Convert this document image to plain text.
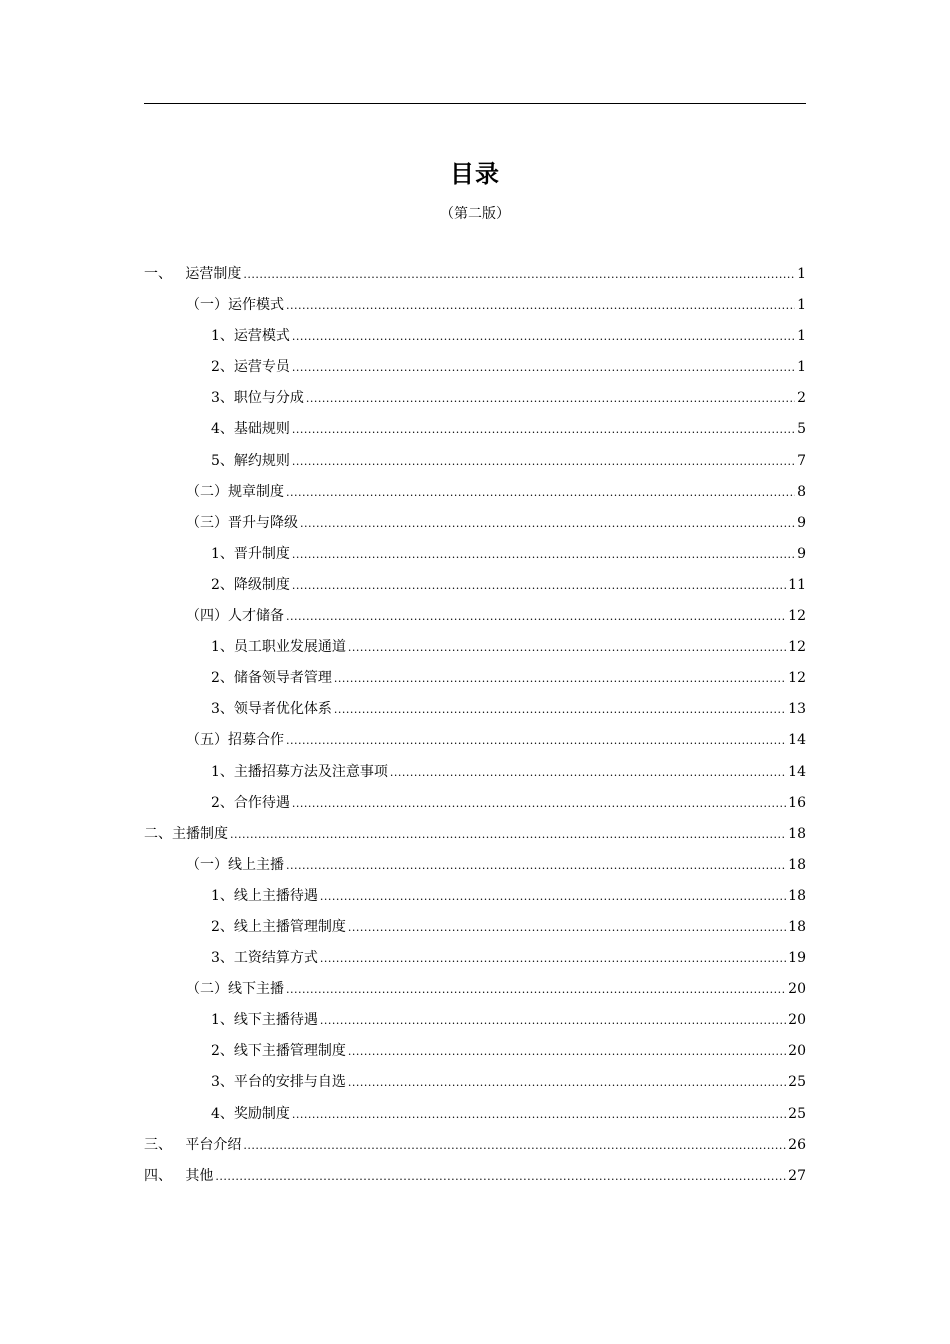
目录
（第二版）
一、   运营制度 .....	1
（一）运作模式 .....	1
1、运营模式 .....	1
2、运营专员 .....	1
3、职位与分成 .....	2
4、基础规则 .....	5
5、解约规则 .....	7
（二）规章制度 .....	8
（三）晋升与降级 .....	9
1、晋升制度 .....	9
2、降级制度 .....	11
（四）人才储备 .....	12
1、员工职业发展通道 .....	12
2、储备领导者管理 .....	12
3、领导者优化体系 .....	13
（五）招募合作 .....	14
1、主播招募方法及注意事项 .....	14
2、合作待遇 .....	16
二、主播制度 .....	18
（一）线上主播 .....	18
1、线上主播待遇 .....	18
2、线上主播管理制度 .....	18
3、工资结算方式 .....	19
（二）线下主播 .....	20
1、线下主播待遇 .....	20
2、线下主播管理制度 .....	20
3、平台的安排与自选 .....	25
4、奖励制度 .....	25
三、   平台介绍 .....	26
四、   其他 .....	27
